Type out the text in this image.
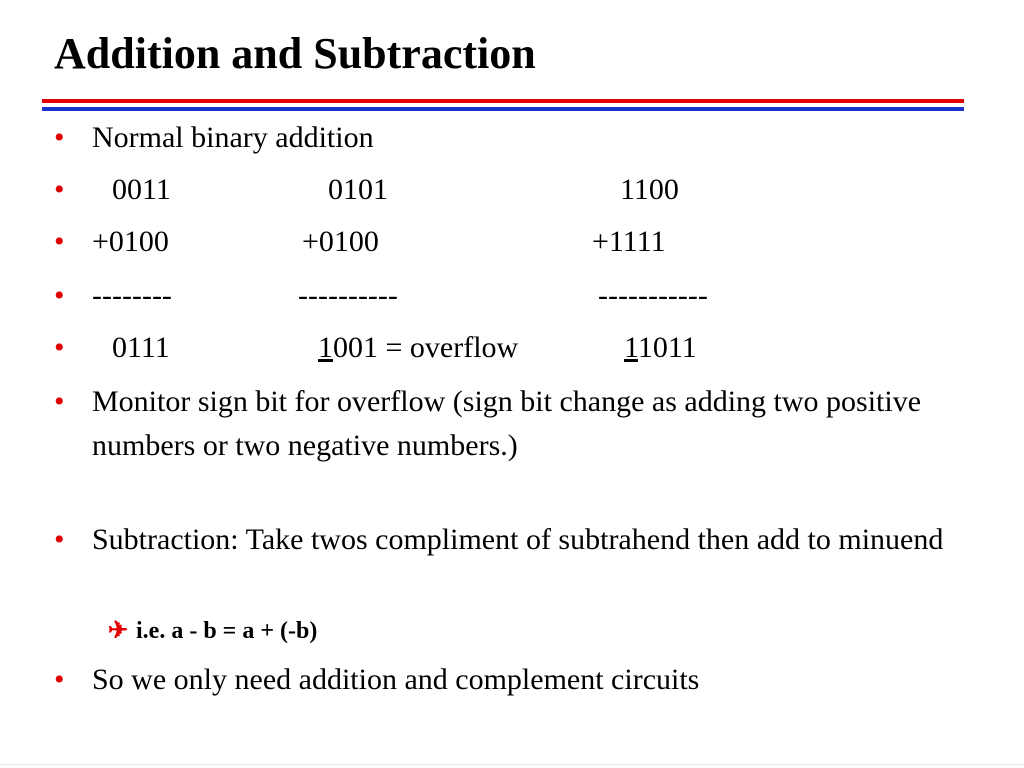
Addition and Subtraction
• Normal binary addition
• 0011	0101	1100
• +0100	+0100	+1111
• --------	----------	-----------
• 0111	1001 = overflow	11011
• Monitor sign bit for overflow (sign bit change as adding two positive numbers or two negative numbers.)
• Subtraction: Take twos compliment of subtrahend then add to minuend
✈ i.e. a - b = a + (-b)
• So we only need addition and complement circuits
